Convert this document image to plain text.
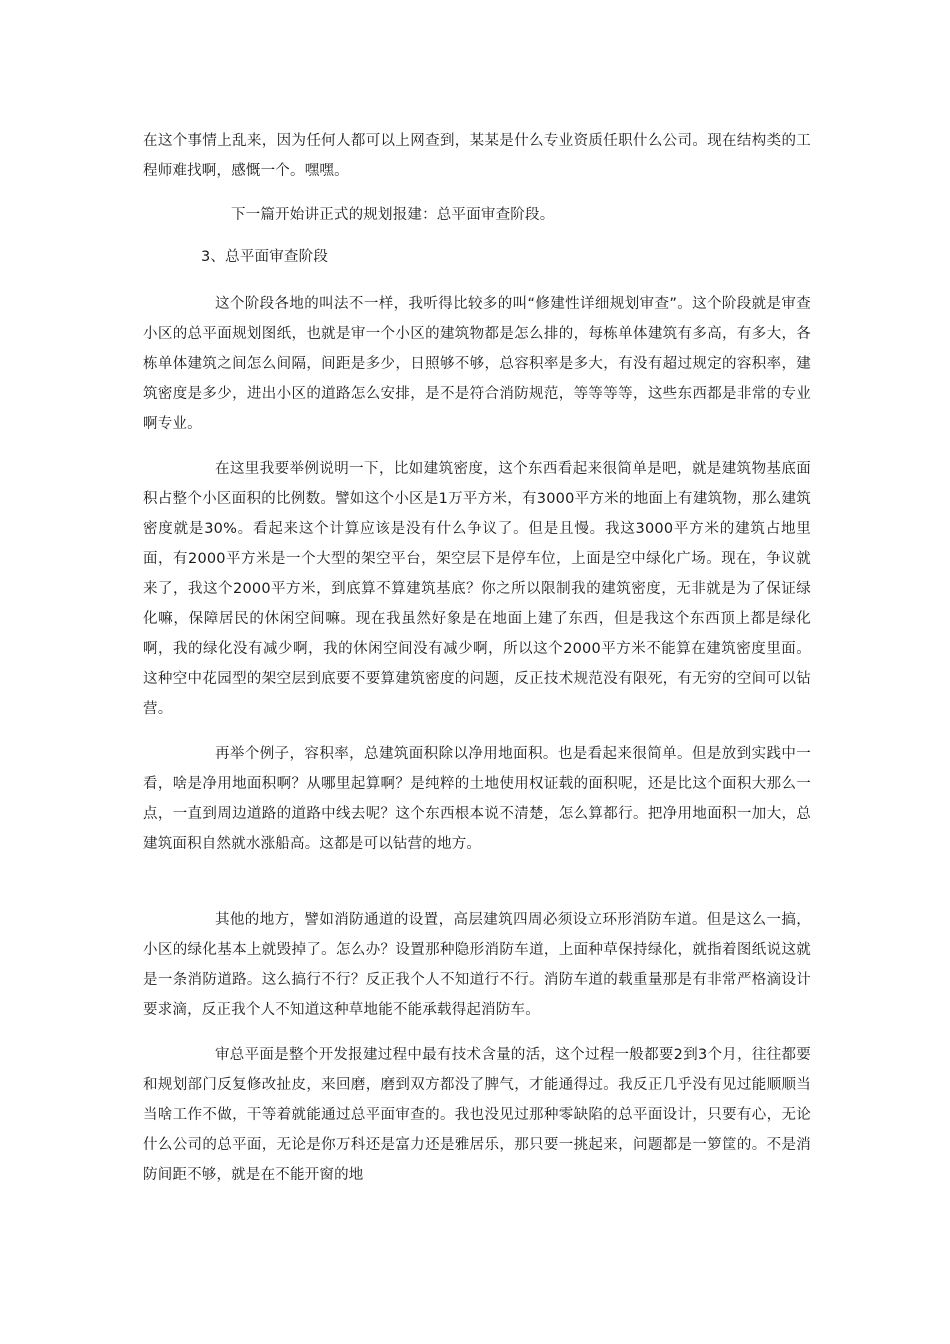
在这个事情上乱来，因为任何人都可以上网查到，某某是什么专业资质任职什么公司。现在结构类的工程师难找啊，感慨一个。嘿嘿。

下一篇开始讲正式的规划报建：总平面审查阶段。

3、总平面审查阶段

这个阶段各地的叫法不一样，我听得比较多的叫“修建性详细规划审查”。这个阶段就是审查小区的总平面规划图纸，也就是审一个小区的建筑物都是怎么排的，每栋单体建筑有多高，有多大，各栋单体建筑之间怎么间隔，间距是多少，日照够不够，总容积率是多大，有没有超过规定的容积率，建筑密度是多少，进出小区的道路怎么安排，是不是符合消防规范，等等等等，这些东西都是非常的专业啊专业。

在这里我要举例说明一下，比如建筑密度，这个东西看起来很简单是吧，就是建筑物基底面积占整个小区面积的比例数。譬如这个小区是1万平方米，有3000平方米的地面上有建筑物，那么建筑密度就是30%。看起来这个计算应该是没有什么争议了。但是且慢。我这3000平方米的建筑占地里面，有2000平方米是一个大型的架空平台，架空层下是停车位，上面是空中绿化广场。现在，争议就来了，我这个2000平方米，到底算不算建筑基底？你之所以限制我的建筑密度，无非就是为了保证绿化嘛，保障居民的休闲空间嘛。现在我虽然好象是在地面上建了东西，但是我这个东西顶上都是绿化啊，我的绿化没有减少啊，我的休闲空间没有减少啊，所以这个2000平方米不能算在建筑密度里面。这种空中花园型的架空层到底要不要算建筑密度的问题，反正技术规范没有限死，有无穷的空间可以钻营。

再举个例子，容积率，总建筑面积除以净用地面积。也是看起来很简单。但是放到实践中一看，啥是净用地面积啊？从哪里起算啊？是纯粹的土地使用权证载的面积呢，还是比这个面积大那么一点，一直到周边道路的道路中线去呢？这个东西根本说不清楚，怎么算都行。把净用地面积一加大，总建筑面积自然就水涨船高。这都是可以钻营的地方。

其他的地方，譬如消防通道的设置，高层建筑四周必须设立环形消防车道。但是这么一搞，小区的绿化基本上就毁掉了。怎么办？设置那种隐形消防车道，上面种草保持绿化，就指着图纸说这就是一条消防道路。这么搞行不行？反正我个人不知道行不行。消防车道的载重量那是有非常严格滴设计要求滴，反正我个人不知道这种草地能不能承载得起消防车。

审总平面是整个开发报建过程中最有技术含量的活，这个过程一般都要2到3个月，往往都要和规划部门反复修改扯皮，来回磨，磨到双方都没了脾气，才能通得过。我反正几乎没有见过能顺顺当当啥工作不做，干等着就能通过总平面审查的。我也没见过那种零缺陷的总平面设计，只要有心，无论什么公司的总平面，无论是你万科还是富力还是雅居乐，那只要一挑起来，问题都是一箩筐的。不是消防间距不够，就是在不能开窗的地
